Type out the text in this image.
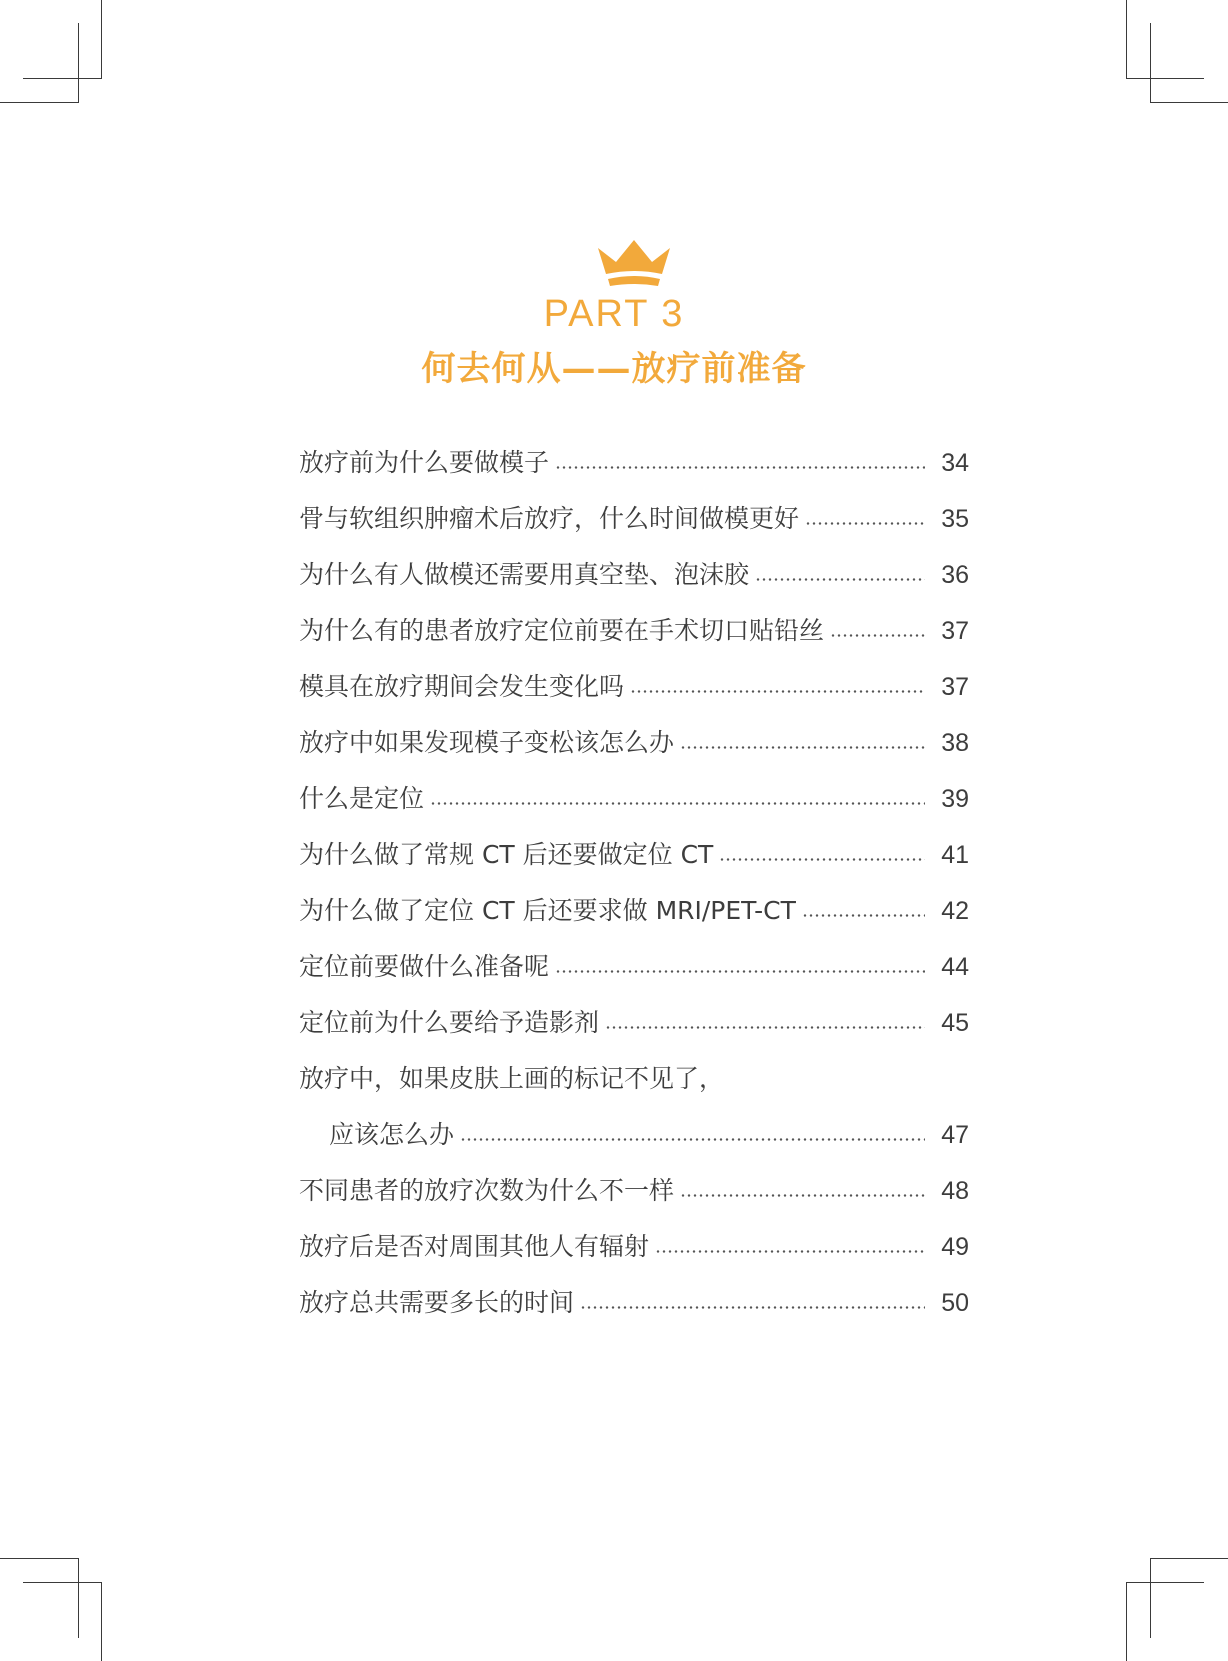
PART 3
何去何从——放疗前准备
放疗前为什么要做模子	34
骨与软组织肿瘤术后放疗，什么时间做模更好	35
为什么有人做模还需要用真空垫、泡沫胶	36
为什么有的患者放疗定位前要在手术切口贴铅丝	37
模具在放疗期间会发生变化吗	37
放疗中如果发现模子变松该怎么办	38
什么是定位	39
为什么做了常规 CT 后还要做定位 CT	41
为什么做了定位 CT 后还要求做 MRI/PET-CT	42
定位前要做什么准备呢	44
定位前为什么要给予造影剂	45
放疗中，如果皮肤上画的标记不见了，
应该怎么办	47
不同患者的放疗次数为什么不一样	48
放疗后是否对周围其他人有辐射	49
放疗总共需要多长的时间	50
